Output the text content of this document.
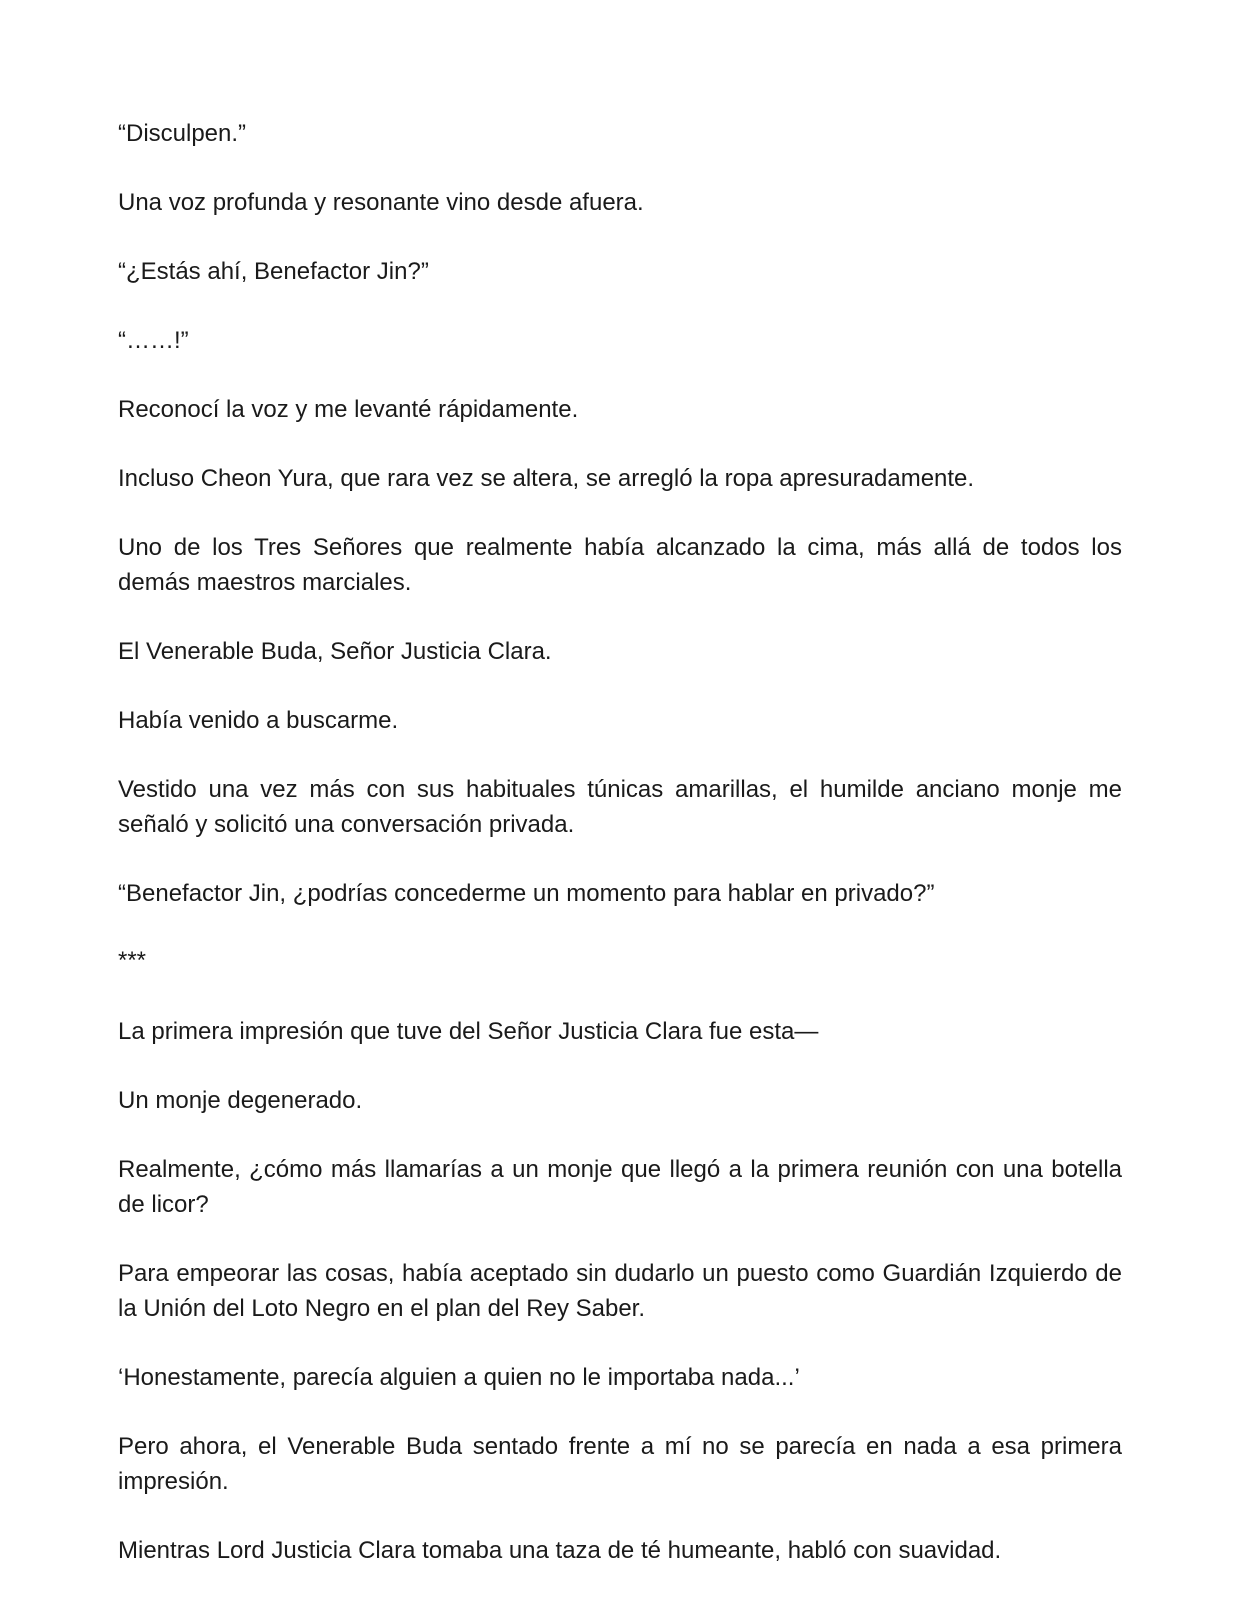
“Disculpen.”

Una voz profunda y resonante vino desde afuera.

“¿Estás ahí, Benefactor Jin?”

“……!”

Reconocí la voz y me levanté rápidamente.

Incluso Cheon Yura, que rara vez se altera, se arregló la ropa apresuradamente.

Uno de los Tres Señores que realmente había alcanzado la cima, más allá de todos los demás maestros marciales.

El Venerable Buda, Señor Justicia Clara.

Había venido a buscarme.

Vestido una vez más con sus habituales túnicas amarillas, el humilde anciano monje me señaló y solicitó una conversación privada.

“Benefactor Jin, ¿podrías concederme un momento para hablar en privado?”

***

La primera impresión que tuve del Señor Justicia Clara fue esta—

Un monje degenerado.

Realmente, ¿cómo más llamarías a un monje que llegó a la primera reunión con una botella de licor?

Para empeorar las cosas, había aceptado sin dudarlo un puesto como Guardián Izquierdo de la Unión del Loto Negro en el plan del Rey Saber.

‘Honestamente, parecía alguien a quien no le importaba nada...’

Pero ahora, el Venerable Buda sentado frente a mí no se parecía en nada a esa primera impresión.

Mientras Lord Justicia Clara tomaba una taza de té humeante, habló con suavidad.
